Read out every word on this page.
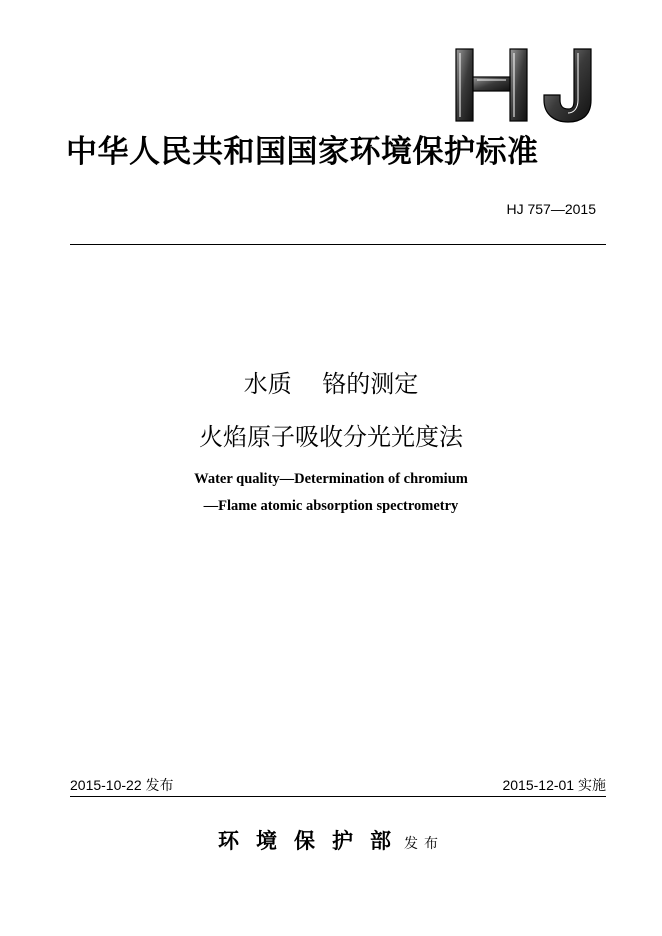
中华人民共和国国家环境保护标准
HJ 757—2015
水质    铬的测定
火焰原子吸收分光光度法
Water quality—Determination of chromium
—Flame atomic absorption spectrometry
2015-10-22 发布	2015-12-01 实施
环境保护部发布
